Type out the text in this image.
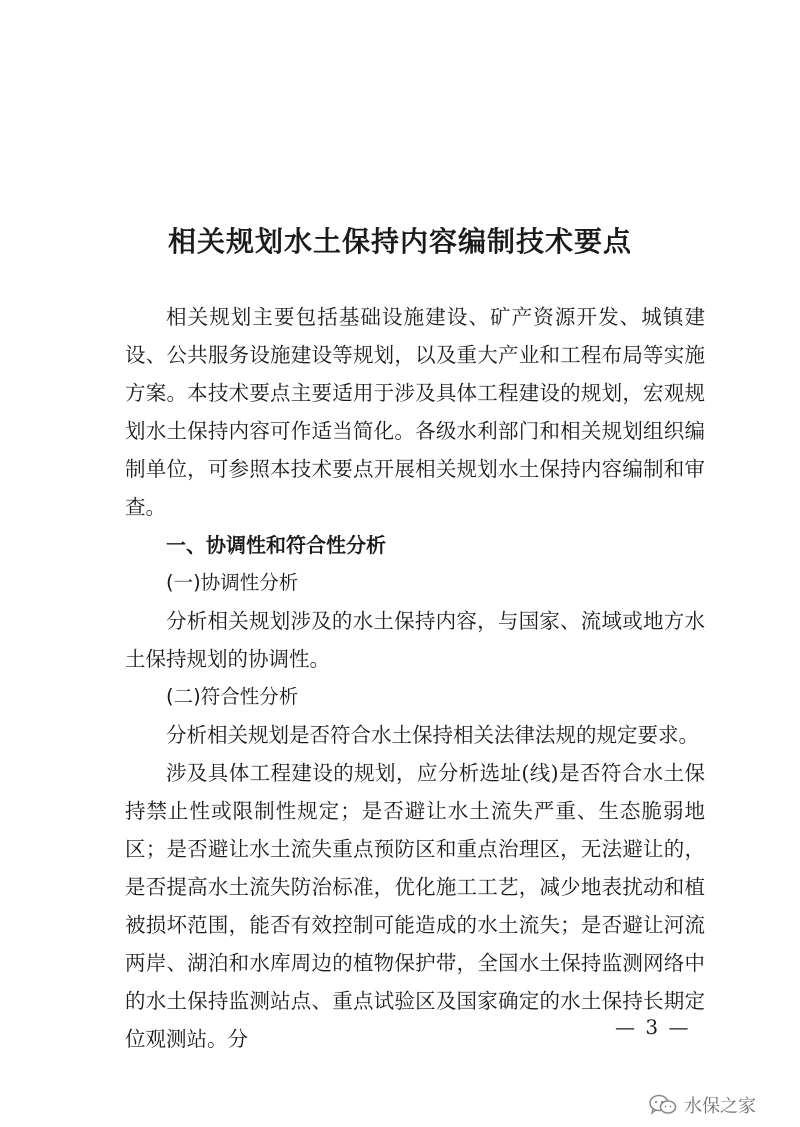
相关规划水土保持内容编制技术要点

相关规划主要包括基础设施建设、矿产资源开发、城镇建设、公共服务设施建设等规划，以及重大产业和工程布局等实施方案。本技术要点主要适用于涉及具体工程建设的规划，宏观规划水土保持内容可作适当简化。各级水利部门和相关规划组织编制单位，可参照本技术要点开展相关规划水土保持内容编制和审查。

一、协调性和符合性分析

(一)协调性分析

分析相关规划涉及的水土保持内容，与国家、流域或地方水土保持规划的协调性。

(二)符合性分析

分析相关规划是否符合水土保持相关法律法规的规定要求。

涉及具体工程建设的规划，应分析选址(线)是否符合水土保持禁止性或限制性规定；是否避让水土流失严重、生态脆弱地区；是否避让水土流失重点预防区和重点治理区，无法避让的，是否提高水土流失防治标准，优化施工工艺，减少地表扰动和植被损坏范围，能否有效控制可能造成的水土流失；是否避让河流两岸、湖泊和水库周边的植物保护带，全国水土保持监测网络中的水土保持监测站点、重点试验区及国家确定的水土保持长期定位观测站。分	— 3 —
水保之家
